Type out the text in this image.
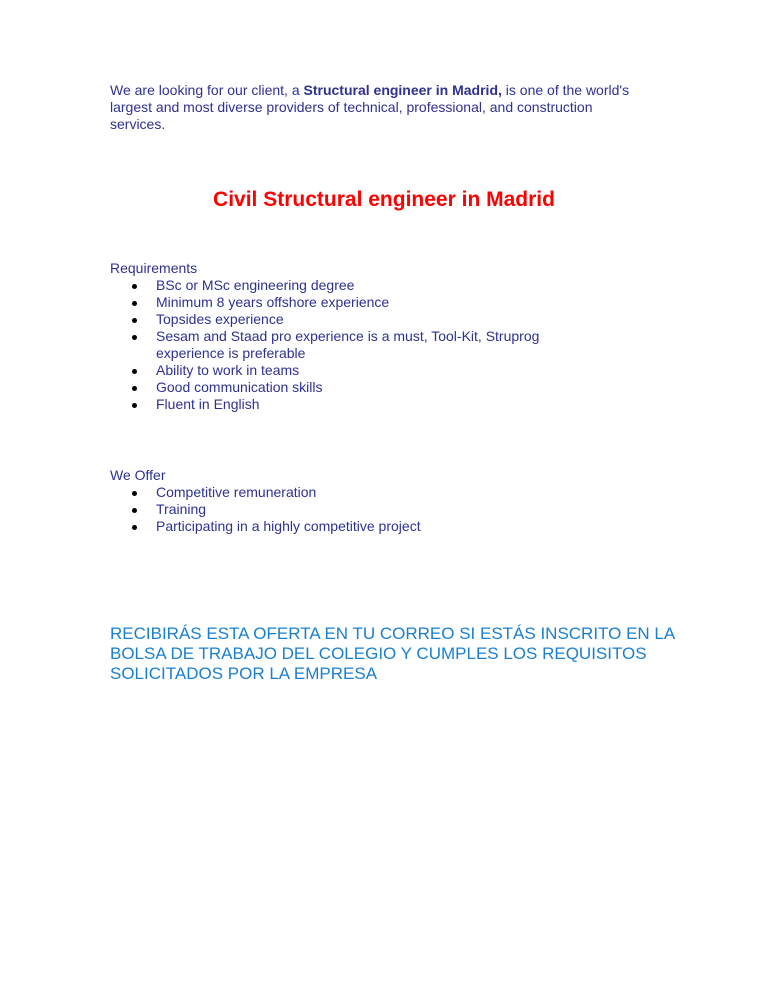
We are looking for our client, a Structural engineer in Madrid, is one of the world's largest and most diverse providers of technical, professional, and construction services.

Civil Structural engineer in Madrid

Requirements

BSc or MSc engineering degree
Minimum 8 years offshore experience
Topsides experience
Sesam and Staad pro experience is a must, Tool-Kit, Struprog experience is preferable
Ability to work in teams
Good communication skills
Fluent in English

We Offer

Competitive remuneration
Training
Participating in a highly competitive project

RECIBIRÁS ESTA OFERTA EN TU CORREO SI ESTÁS INSCRITO EN LA BOLSA DE TRABAJO DEL COLEGIO Y CUMPLES LOS REQUISITOS SOLICITADOS POR LA EMPRESA
